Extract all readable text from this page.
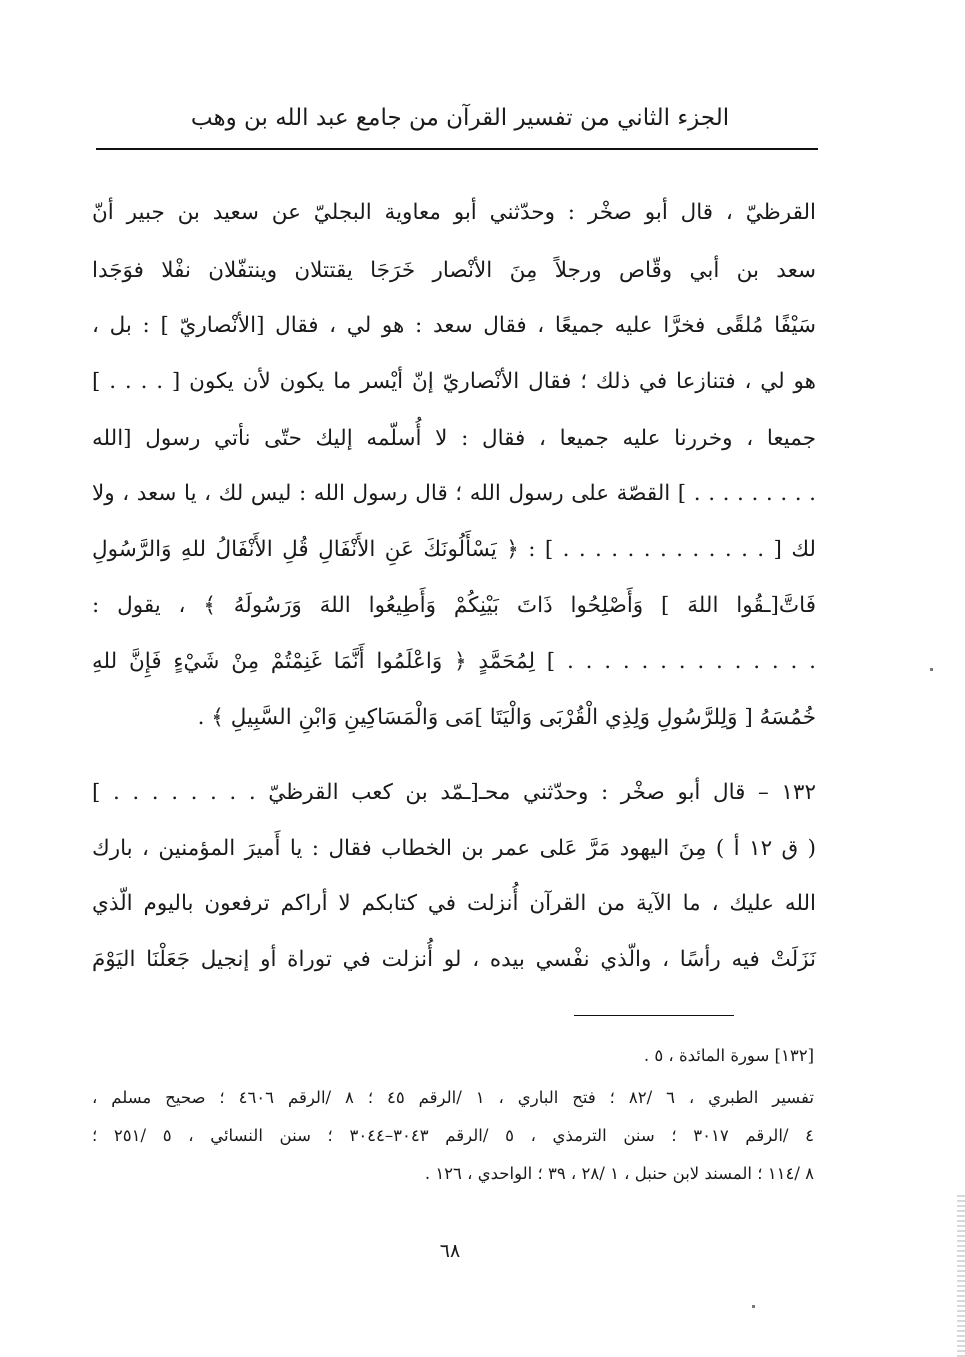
الجزء الثاني من تفسير القرآن من جامع عبد الله بن وهب
القرظيّ ، قال أبو صخْر : وحدّثني أبو معاوية البجليّ عن سعيد بن جبير أنّ
سعد بن أبي وقّاص ورجلاً مِنَ الأنْصار خَرَجَا يقتتلان وينتفّلان نفْلا فوَجَدا
سَيْفًا مُلقًى فخرَّا عليه جميعًا ، فقال سعد : هو لي ، فقال [الأنْصاريّ ] : بل ،
هو لي ، فتنازعا في ذلك ؛ فقال الأنْصاريّ إنّ أيْسر ما يكون لأن يكون [ . . . . ]
جميعا ، وخررنا عليه جميعا ، فقال : لا أُسلّمه إليك حتّى نأتي رسول [الله
. . . . . . . . . ] القصّة على رسول الله ؛ قال رسول الله : ليس لك ، يا سعد ، ولا
لك [ . . . . . . . . . . . . . ] : ﴿ يَسْأَلُونَكَ عَنِ الأَنْفَالِ قُلِ الأَنْفَالُ للهِ وَالرَّسُولِ
فَاتَّ[ـقُوا اللهَ ] وَأَصْلِحُوا ذَاتَ بَيْنِكُمْ وَأَطِيعُوا اللهَ وَرَسُولَهُ ﴾ ، يقول :
. . . . . . . . . . . . . . ] لِمُحَمَّدٍ ﴿ وَاعْلَمُوا أَنَّمَا غَنِمْتُمْ مِنْ شَيْءٍ فَإِنَّ للهِ
خُمُسَهُ [ وَلِلرَّسُولِ وَلِذِي الْقُرْبَى وَالْيَتَا ]مَى وَالْمَسَاكِينِ وَابْنِ السَّبِيلِ ﴾ .
١٣٢ – قال أبو صخْر : وحدّثني محـ[ـمّد بن كعب القرظيّ . . . . . . . . ]
( ق ١٢ أ ) مِنَ اليهود مَرَّ عَلى عمر بن الخطاب فقال : يا أَميرَ المؤمنين ، بارك
الله عليك ، ما الآية من القرآن أُنزلت في كتابكم لا أراكم ترفعون باليوم الّذي
نَزَلَتْ فيه رأسًا ، والّذي نفْسي بيده ، لو أُنزلت في توراة أو إنجيل جَعَلْنَا اليَوْمَ
[١٣٢] سورة المائدة ، ٥ .
تفسير الطبري ، ٦ /٨٢ ؛ فتح الباري ، ١ /الرقم ٤٥ ؛ ٨ /الرقم ٤٦٠٦ ؛ صحيح مسلم ،
٤ /الرقم ٣٠١٧ ؛ سنن الترمذي ، ٥ /الرقم ٣٠٤٣–٣٠٤٤ ؛ سنن النسائي ، ٥ /٢٥١ ؛
٨ /١١٤ ؛ المسند لابن حنبل ، ١ /٢٨ ، ٣٩ ؛ الواحدي ، ١٢٦ .
٦٨
